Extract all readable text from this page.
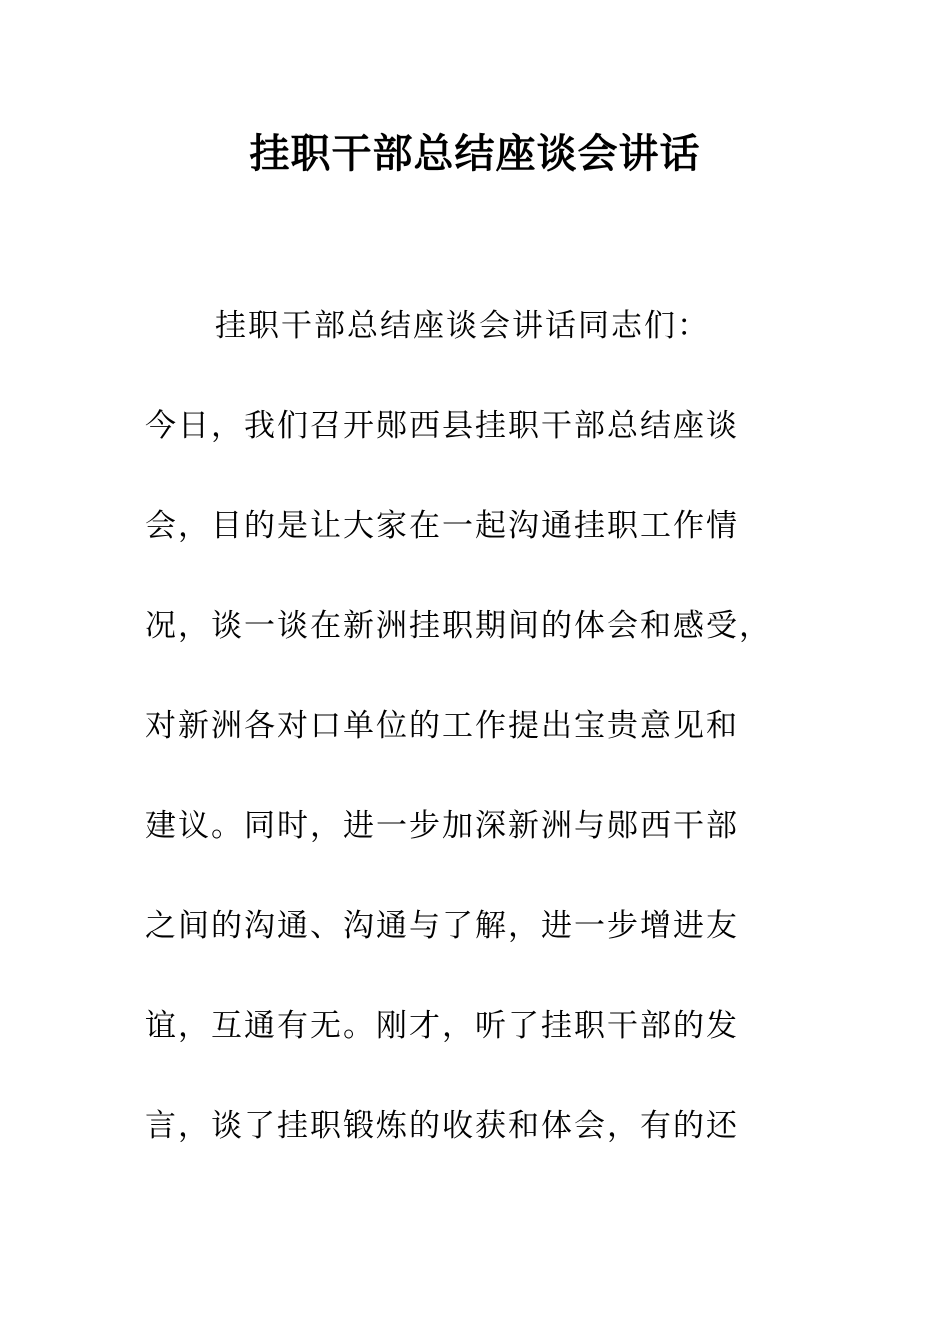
挂职干部总结座谈会讲话
挂职干部总结座谈会讲话同志们：
今日，我们召开郧西县挂职干部总结座谈
会，目的是让大家在一起沟通挂职工作情
况，谈一谈在新洲挂职期间的体会和感受，
对新洲各对口单位的工作提出宝贵意见和
建议。同时，进一步加深新洲与郧西干部
之间的沟通、沟通与了解，进一步增进友
谊，互通有无。刚才，听了挂职干部的发
言，谈了挂职锻炼的收获和体会，有的还
